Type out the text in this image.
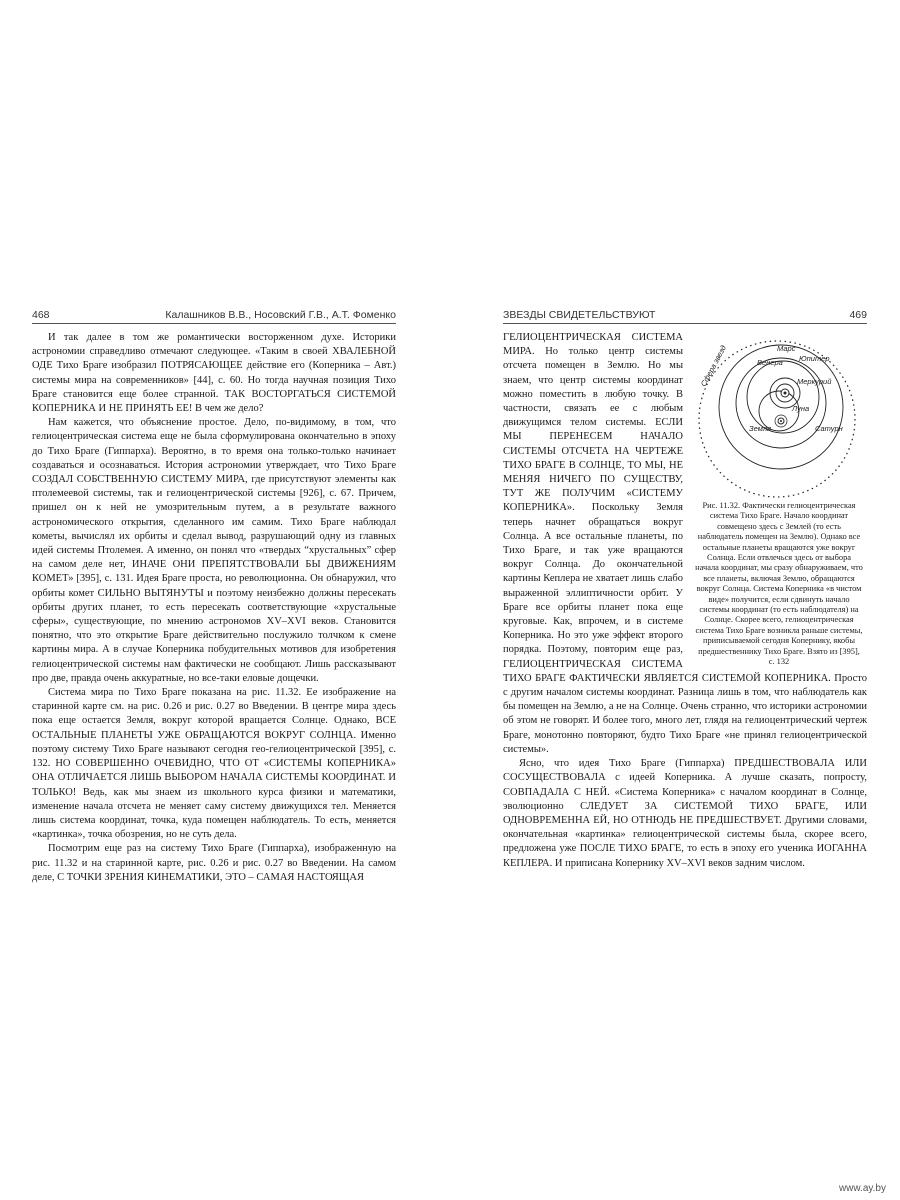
468	Калашников В.В., Носовский Г.В., А.Т. Фоменко

И так далее в том же романтически восторженном духе. Историки астрономии справедливо отмечают следующее. «Таким в своей ХВАЛЕБНОЙ ОДЕ Тихо Браге изобразил ПОТРЯСАЮЩЕЕ действие его (Коперника – Авт.) системы мира на современников» [44], с. 60. Но тогда научная позиция Тихо Браге становится еще более странной. ТАК ВОСТОРГАТЬСЯ СИСТЕМОЙ КОПЕРНИКА И НЕ ПРИНЯТЬ ЕЕ! В чем же дело?

Нам кажется, что объяснение простое. Дело, по-видимому, в том, что гелиоцентрическая система еще не была сформулирована окончательно в эпоху до Тихо Браге (Гиппарха). Вероятно, в то время она только-только начинает создаваться и осознаваться. История астрономии утверждает, что Тихо Браге СОЗДАЛ СОБСТВЕННУЮ СИСТЕМУ МИРА, где присутствуют элементы как птолемеевой системы, так и гелиоцентрической системы [926], с. 67. Причем, пришел он к ней не умозрительным путем, а в результате важного астрономического открытия, сделанного им самим. Тихо Браге наблюдал кометы, вычислял их орбиты и сделал вывод, разрушающий одну из главных идей системы Птолемея. А именно, он понял что «твердых “хрустальных” сфер на самом деле нет, ИНАЧЕ ОНИ ПРЕПЯТСТВОВАЛИ БЫ ДВИЖЕНИЯМ КОМЕТ» [395], с. 131. Идея Браге проста, но революционна. Он обнаружил, что орбиты комет СИЛЬНО ВЫТЯНУТЫ и поэтому неизбежно должны пересекать орбиты других планет, то есть пересекать соответствующие «хрустальные сферы», существующие, по мнению астрономов XV–XVI веков. Становится понятно, что это открытие Браге действительно послужило толчком к смене картины мира. А в случае Коперника побудительных мотивов для изобретения гелиоцентрической системы нам фактически не сообщают. Лишь рассказывают про две, правда очень аккуратные, но все-таки еловые дощечки.

Система мира по Тихо Браге показана на рис. 11.32. Ее изображение на старинной карте см. на рис. 0.26 и рис. 0.27 во Введении. В центре мира здесь пока еще остается Земля, вокруг которой вращается Солнце. Однако, ВСЕ ОСТАЛЬНЫЕ ПЛАНЕТЫ УЖЕ ОБРАЩАЮТСЯ ВОКРУГ СОЛНЦА. Именно поэтому систему Тихо Браге называют сегодня гео-гелиоцентрической [395], с. 132. НО СОВЕРШЕННО ОЧЕВИДНО, ЧТО ОТ «СИСТЕМЫ КОПЕРНИКА» ОНА ОТЛИЧАЕТСЯ ЛИШЬ ВЫБОРОМ НАЧАЛА СИСТЕМЫ КООРДИНАТ. И ТОЛЬКО! Ведь, как мы знаем из школьного курса физики и математики, изменение начала отсчета не меняет саму систему движущихся тел. Меняется лишь система координат, точка, куда помещен наблюдатель. То есть, меняется «картинка», точка обозрения, но не суть дела.

Посмотрим еще раз на систему Тихо Браге (Гиппарха), изображенную на рис. 11.32 и на старинной карте, рис. 0.26 и рис. 0.27 во Введении. На самом деле, С ТОЧКИ ЗРЕНИЯ КИНЕМАТИКИ, ЭТО – САМАЯ НАСТОЯЩАЯ

ЗВЕЗДЫ СВИДЕТЕЛЬСТВУЮТ	469
Сфера звезд	Марс
Венера Юпитер
Меркурий
Луна
Земля	Сатурн
Рис. 11.32. Фактически гелиоцентрическая система Тихо Браге. Начало координат совмещено здесь с Землей (то есть наблюдатель помещен на Землю). Однако все остальные планеты вращаются уже вокруг Солнца. Если отвлечься здесь от выбора начала координат, мы сразу обнаруживаем, что все планеты, включая Землю, обращаются вокруг Солнца. Система Коперника «в чистом виде» получится, если сдвинуть начало системы координат (то есть наблюдателя) на Солнце. Скорее всего, гелиоцентрическая система Тихо Браге возникла раньше системы, приписываемой сегодня Копернику, якобы предшественнику Тихо Браге. Взято из [395], с. 132

ГЕЛИОЦЕНТРИЧЕСКАЯ СИСТЕМА МИРА. Но только центр системы отсчета помещен в Землю. Но мы знаем, что центр системы координат можно поместить в любую точку. В частности, связать ее с любым движущимся телом системы. ЕСЛИ МЫ ПЕРЕНЕСЕМ НАЧАЛО СИСТЕМЫ ОТСЧЕТА НА ЧЕРТЕЖЕ ТИХО БРАГЕ В СОЛНЦЕ, ТО МЫ, НЕ МЕНЯЯ НИЧЕГО ПО СУЩЕСТВУ, ТУТ ЖЕ ПОЛУЧИМ «СИСТЕМУ КОПЕРНИКА». Поскольку Земля теперь начнет обращаться вокруг Солнца. А все остальные планеты, по Тихо Браге, и так уже вращаются вокруг Солнца. До окончательной картины Кеплера не хватает лишь слабо выраженной эллиптичности орбит. У Браге все орбиты планет пока еще круговые. Как, впрочем, и в системе Коперника. Но это уже эффект второго порядка. Поэтому, повторим еще раз, ГЕЛИОЦЕНТРИЧЕСКАЯ СИСТЕМА ТИХО БРАГЕ ФАКТИЧЕСКИ ЯВЛЯЕТСЯ СИСТЕМОЙ КОПЕРНИКА. Просто с другим началом системы координат. Разница лишь в том, что наблюдатель как бы помещен на Землю, а не на Солнце. Очень странно, что историки астрономии об этом не говорят. И более того, много лет, глядя на гелиоцентрический чертеж Браге, монотонно повторяют, будто Тихо Браге «не принял гелиоцентрической системы».

Ясно, что идея Тихо Браге (Гиппарха) ПРЕДШЕСТВОВАЛА ИЛИ СОСУЩЕСТВОВАЛА с идеей Коперника. А лучше сказать, попросту, СОВПАДАЛА С НЕЙ. «Система Коперника» с началом координат в Солнце, эволюционно СЛЕДУЕТ ЗА СИСТЕМОЙ ТИХО БРАГЕ, ИЛИ ОДНОВРЕМЕННА ЕЙ, НО ОТНЮДЬ НЕ ПРЕДШЕСТВУЕТ. Другими словами, окончательная «картинка» гелиоцентрической системы была, скорее всего, предложена уже ПОСЛЕ ТИХО БРАГЕ, то есть в эпоху его ученика ИОГАННА КЕПЛЕРА. И приписана Копернику XV–XVI веков задним числом.

www.ay.by
